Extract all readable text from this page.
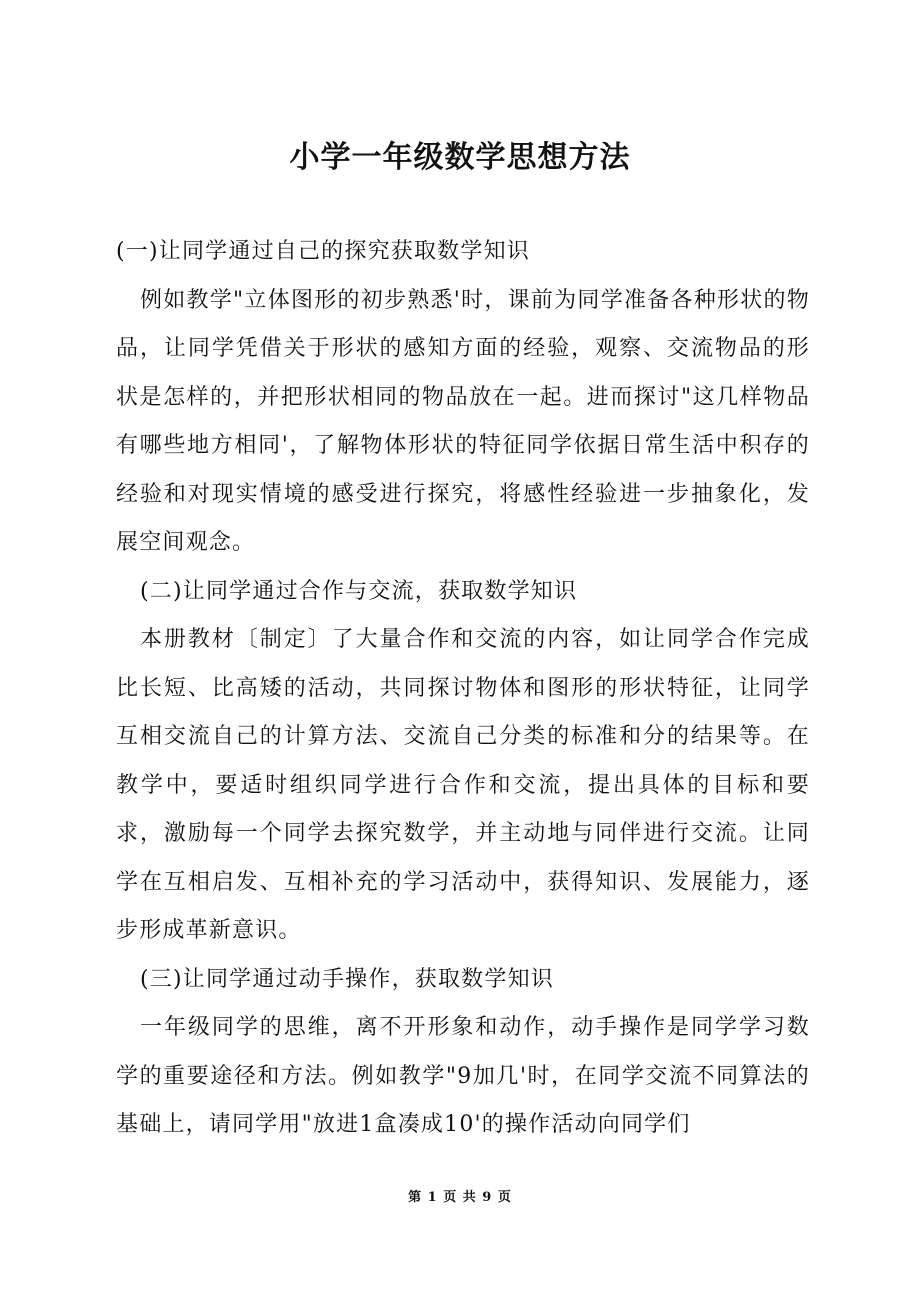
小学一年级数学思想方法

(一)让同学通过自己的探究获取数学知识

例如教学"立体图形的初步熟悉'时，课前为同学准备各种形状的物品，让同学凭借关于形状的感知方面的经验，观察、交流物品的形状是怎样的，并把形状相同的物品放在一起。进而探讨"这几样物品有哪些地方相同'，了解物体形状的特征同学依据日常生活中积存的经验和对现实情境的感受进行探究，将感性经验进一步抽象化，发展空间观念。

(二)让同学通过合作与交流，获取数学知识

本册教材〔制定〕了大量合作和交流的内容，如让同学合作完成比长短、比高矮的活动，共同探讨物体和图形的形状特征，让同学互相交流自己的计算方法、交流自己分类的标准和分的结果等。在教学中，要适时组织同学进行合作和交流，提出具体的目标和要求，激励每一个同学去探究数学，并主动地与同伴进行交流。让同学在互相启发、互相补充的学习活动中，获得知识、发展能力，逐步形成革新意识。

(三)让同学通过动手操作，获取数学知识

一年级同学的思维，离不开形象和动作，动手操作是同学学习数学的重要途径和方法。例如教学"9加几'时，在同学交流不同算法的基础上，请同学用"放进1盒凑成10'的操作活动向同学们

第 1 页 共 9 页
